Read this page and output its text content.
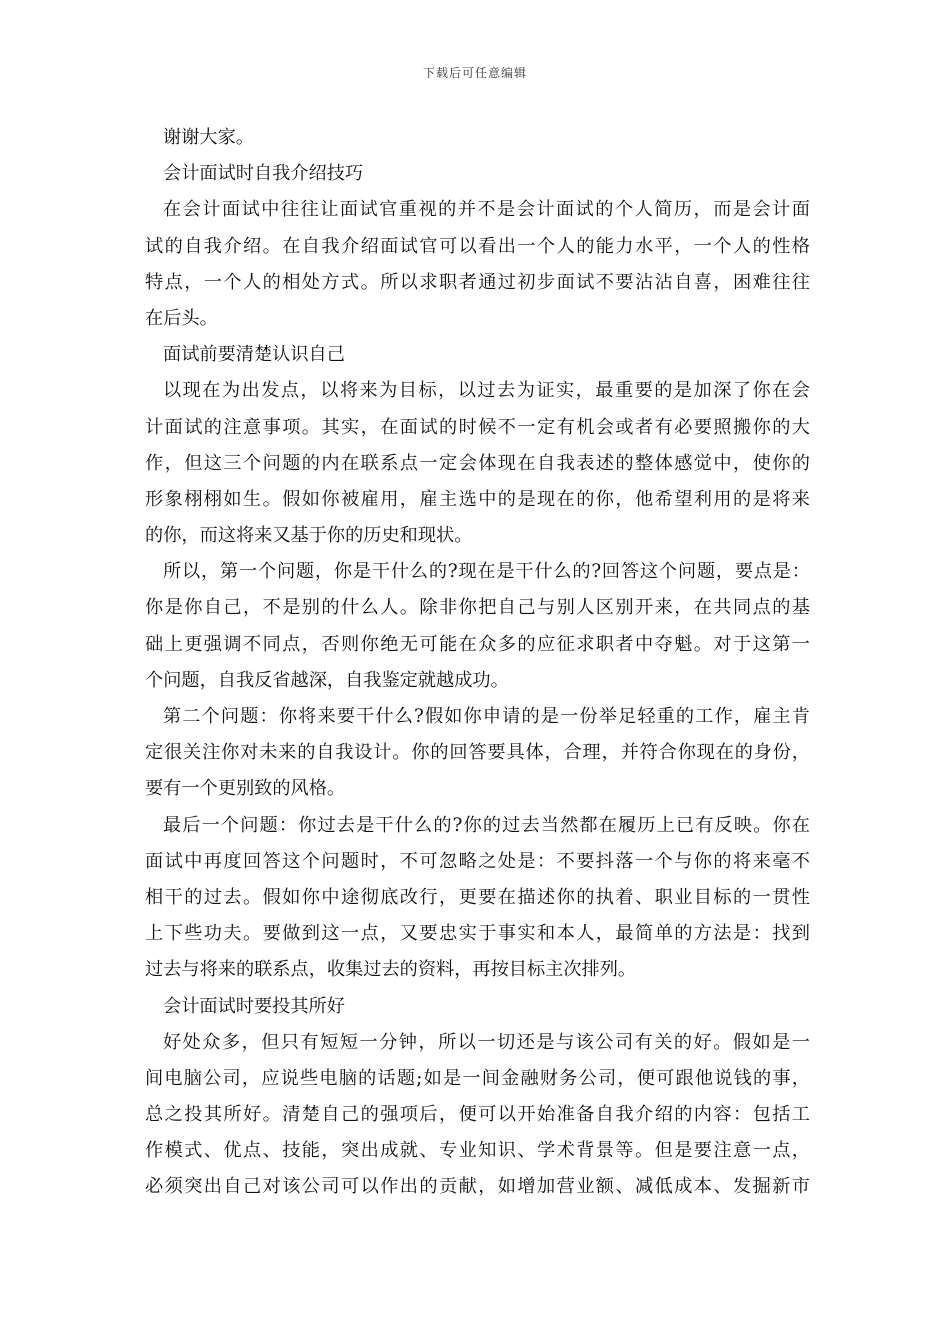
下载后可任意编辑
谢谢大家。
会计面试时自我介绍技巧
在会计面试中往往让面试官重视的并不是会计面试的个人简历，而是会计面
试的自我介绍。在自我介绍面试官可以看出一个人的能力水平，一个人的性格
特点，一个人的相处方式。所以求职者通过初步面试不要沾沾自喜，困难往往
在后头。
面试前要清楚认识自己
以现在为出发点，以将来为目标，以过去为证实，最重要的是加深了你在会
计面试的注意事项。其实，在面试的时候不一定有机会或者有必要照搬你的大
作，但这三个问题的内在联系点一定会体现在自我表述的整体感觉中，使你的
形象栩栩如生。假如你被雇用，雇主选中的是现在的你，他希望利用的是将来
的你，而这将来又基于你的历史和现状。
所以，第一个问题，你是干什么的?现在是干什么的?回答这个问题，要点是：
你是你自己，不是别的什么人。除非你把自己与别人区别开来，在共同点的基
础上更强调不同点，否则你绝无可能在众多的应征求职者中夺魁。对于这第一
个问题，自我反省越深，自我鉴定就越成功。
第二个问题：你将来要干什么?假如你申请的是一份举足轻重的工作，雇主肯
定很关注你对未来的自我设计。你的回答要具体，合理，并符合你现在的身份，
要有一个更别致的风格。
最后一个问题：你过去是干什么的?你的过去当然都在履历上已有反映。你在
面试中再度回答这个问题时，不可忽略之处是：不要抖落一个与你的将来毫不
相干的过去。假如你中途彻底改行，更要在描述你的执着、职业目标的一贯性
上下些功夫。要做到这一点，又要忠实于事实和本人，最简单的方法是：找到
过去与将来的联系点，收集过去的资料，再按目标主次排列。
会计面试时要投其所好
好处众多，但只有短短一分钟，所以一切还是与该公司有关的好。假如是一
间电脑公司，应说些电脑的话题;如是一间金融财务公司，便可跟他说钱的事，
总之投其所好。清楚自己的强项后，便可以开始准备自我介绍的内容：包括工
作模式、优点、技能，突出成就、专业知识、学术背景等。但是要注意一点，
必须突出自己对该公司可以作出的贡献，如增加营业额、减低成本、发掘新市
